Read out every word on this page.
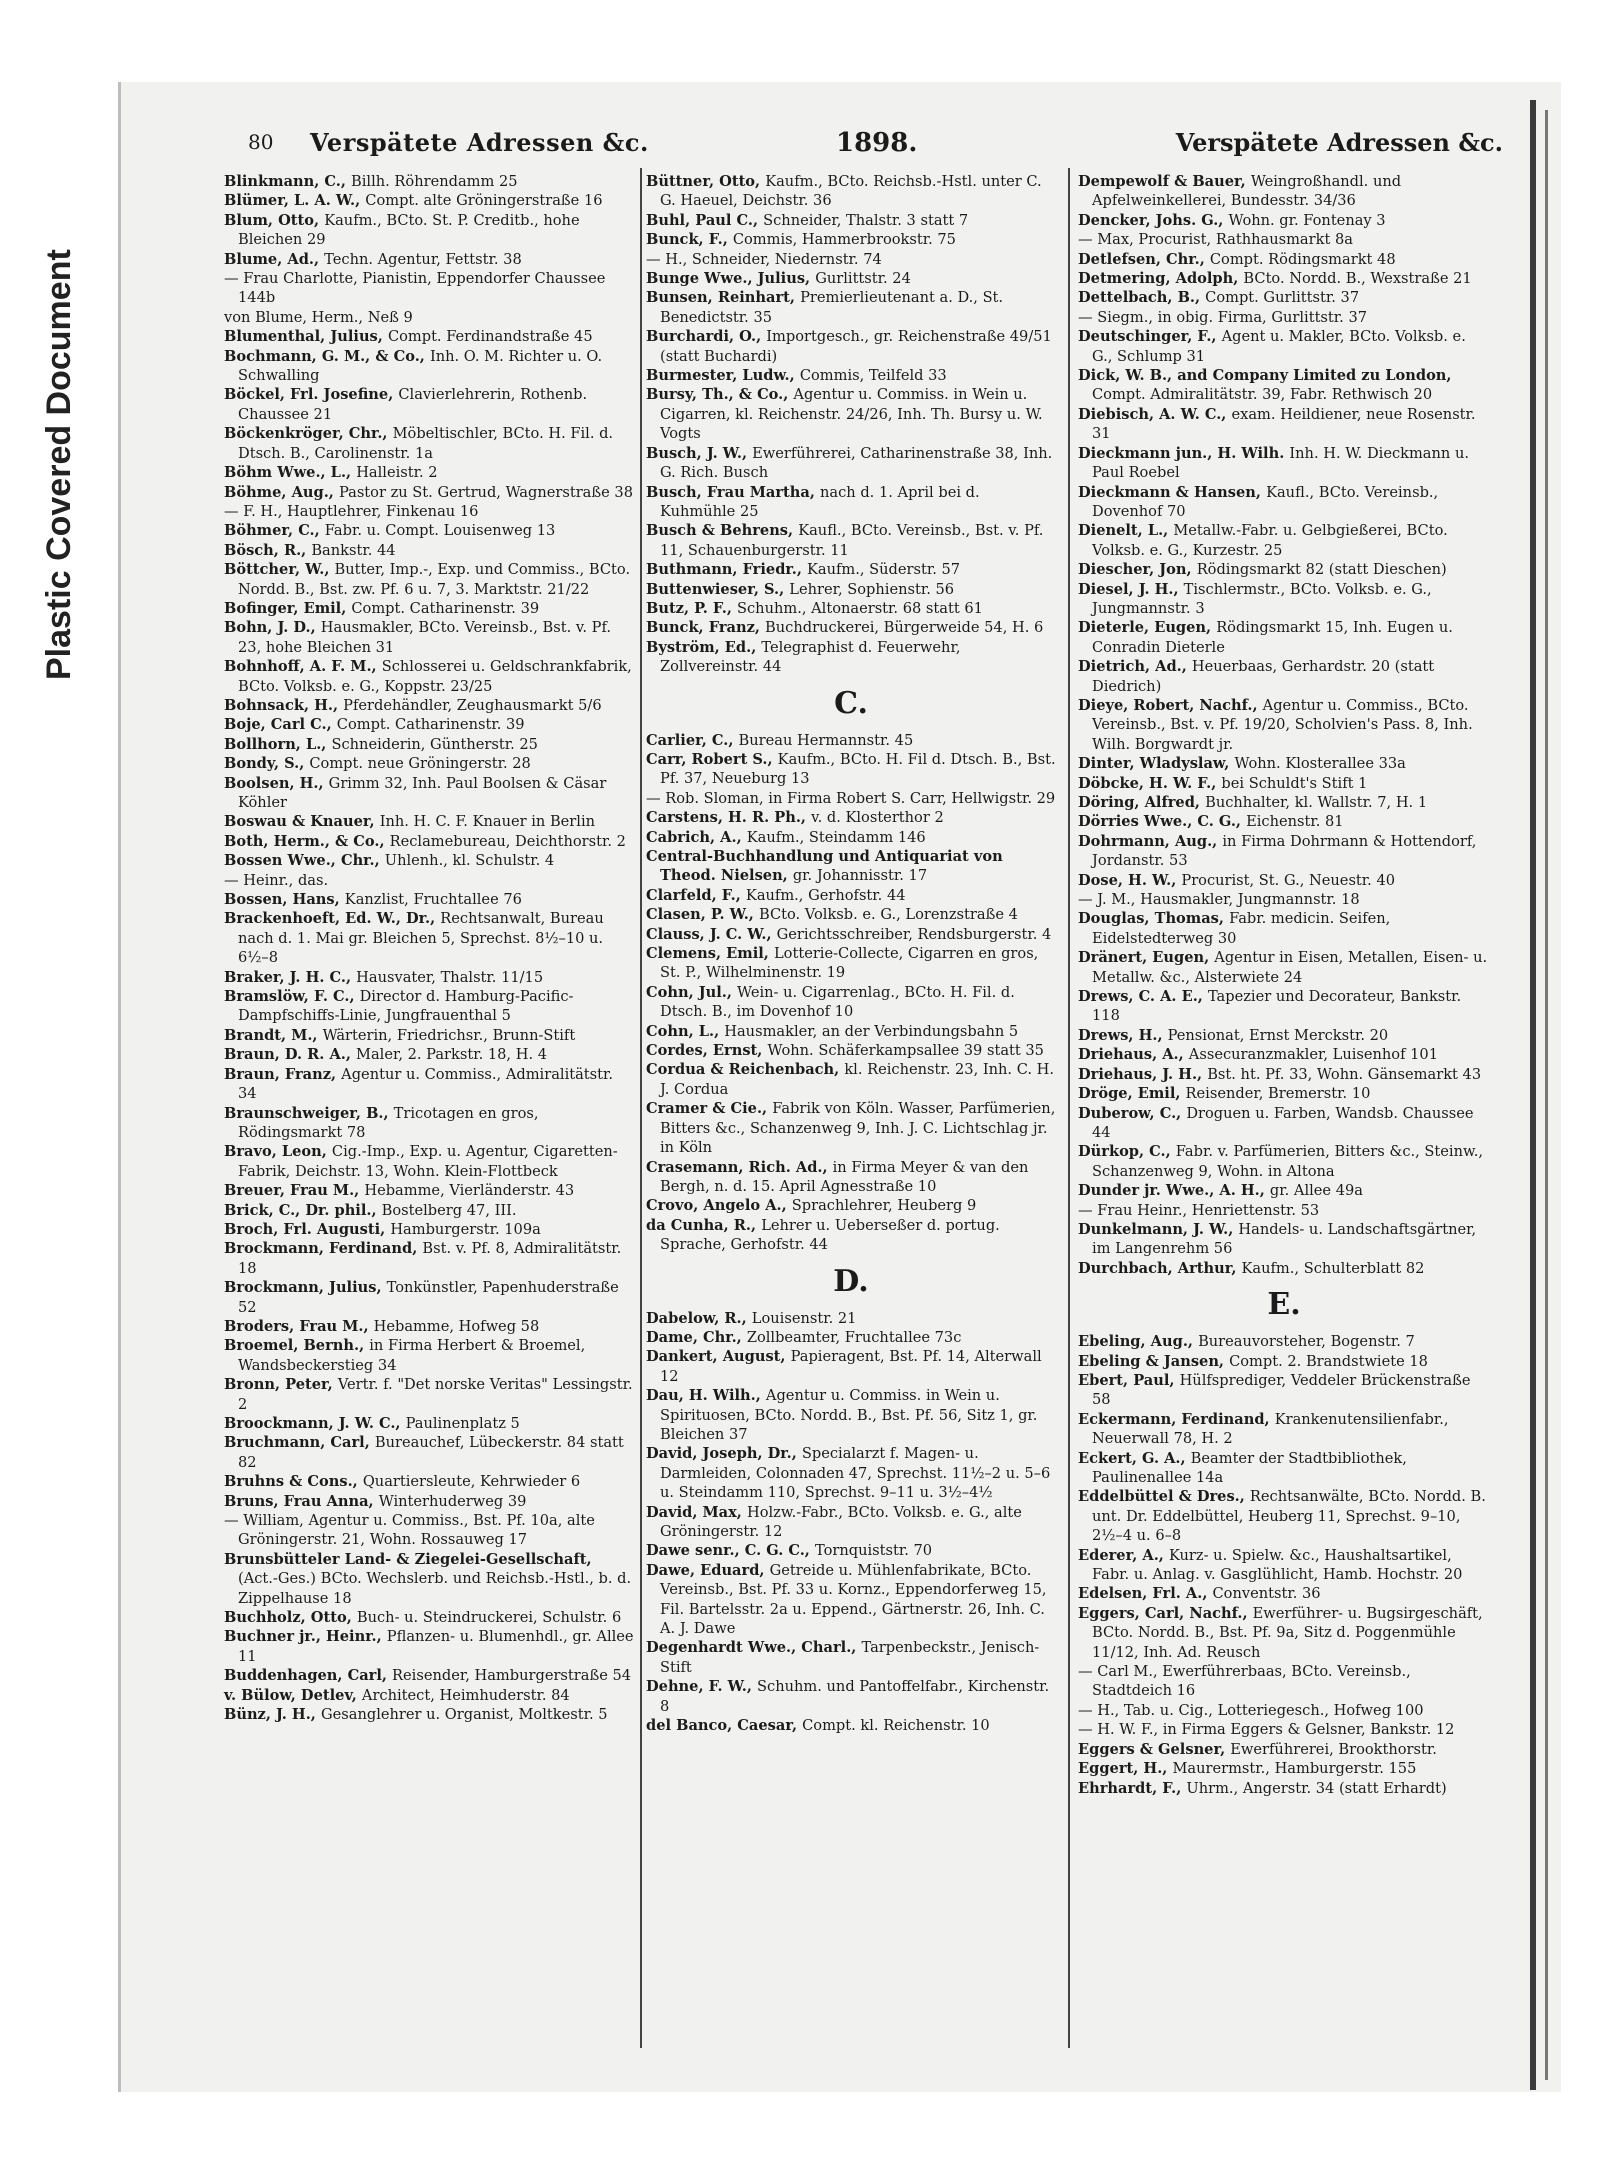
Plastic Covered Document
80 Verspätete Adressen &c.	1898.	Verspätete Adressen &c.
Blinkmann, C., Billh. Röhrendamm 25
Blümer, L. A. W., Compt. alte Gröningerstraße 16
Blum, Otto, Kaufm., BCto. St. P. Creditb., hohe Bleichen 29
Blume, Ad., Techn. Agentur, Fettstr. 38
— Frau Charlotte, Pianistin, Eppendorfer Chaussee 144b
von Blume, Herm., Neß 9
Blumenthal, Julius, Compt. Ferdinandstraße 45
Bochmann, G. M., & Co., Inh. O. M. Richter u. O. Schwalling
Böckel, Frl. Josefine, Clavierlehrerin, Rothenb. Chaussee 21
Böckenkröger, Chr., Möbeltischler, BCto. H. Fil. d. Dtsch. B., Carolinenstr. 1a
Böhm Wwe., L., Halleistr. 2
Böhme, Aug., Pastor zu St. Gertrud, Wagnerstraße 38
— F. H., Hauptlehrer, Finkenau 16
Böhmer, C., Fabr. u. Compt. Louisenweg 13
Bösch, R., Bankstr. 44
Böttcher, W., Butter, Imp.-, Exp. und Commiss., BCto. Nordd. B., Bst. zw. Pf. 6 u. 7, 3. Marktstr. 21/22
Bofinger, Emil, Compt. Catharinenstr. 39
Bohn, J. D., Hausmakler, BCto. Vereinsb., Bst. v. Pf. 23, hohe Bleichen 31
Bohnhoff, A. F. M., Schlosserei u. Geldschrankfabrik, BCto. Volksb. e. G., Koppstr. 23/25
Bohnsack, H., Pferdehändler, Zeughausmarkt 5/6
Boje, Carl C., Compt. Catharinenstr. 39
Bollhorn, L., Schneiderin, Güntherstr. 25
Bondy, S., Compt. neue Gröningerstr. 28
Boolsen, H., Grimm 32, Inh. Paul Boolsen & Cäsar Köhler
Boswau & Knauer, Inh. H. C. F. Knauer in Berlin
Both, Herm., & Co., Reclamebureau, Deichthorstr. 2
Bossen Wwe., Chr., Uhlenh., kl. Schulstr. 4
— Heinr., das.
Bossen, Hans, Kanzlist, Fruchtallee 76
Brackenhoeft, Ed. W., Dr., Rechtsanwalt, Bureau nach d. 1. Mai gr. Bleichen 5, Sprechst. 8½–10 u. 6½–8
Braker, J. H. C., Hausvater, Thalstr. 11/15
Bramslöw, F. C., Director d. Hamburg-Pacific-Dampfschiffs-Linie, Jungfrauenthal 5
Brandt, M., Wärterin, Friedrichsr., Brunn-Stift
Braun, D. R. A., Maler, 2. Parkstr. 18, H. 4
Braun, Franz, Agentur u. Commiss., Admiralitätstr. 34
Braunschweiger, B., Tricotagen en gros, Rödingsmarkt 78
Bravo, Leon, Cig.-Imp., Exp. u. Agentur, Cigaretten-Fabrik, Deichstr. 13, Wohn. Klein-Flottbeck
Breuer, Frau M., Hebamme, Vierländerstr. 43
Brick, C., Dr. phil., Bostelberg 47, III.
Broch, Frl. Augusti, Hamburgerstr. 109a
Brockmann, Ferdinand, Bst. v. Pf. 8, Admiralitätstr. 18
Brockmann, Julius, Tonkünstler, Papenhuderstraße 52
Broders, Frau M., Hebamme, Hofweg 58
Broemel, Bernh., in Firma Herbert & Broemel, Wandsbeckerstieg 34
Bronn, Peter, Vertr. f. "Det norske Veritas" Lessingstr. 2
Broockmann, J. W. C., Paulinenplatz 5
Bruchmann, Carl, Bureauchef, Lübeckerstr. 84 statt 82
Bruhns & Cons., Quartiersleute, Kehrwieder 6
Bruns, Frau Anna, Winterhuderweg 39
— William, Agentur u. Commiss., Bst. Pf. 10a, alte Gröningerstr. 21, Wohn. Rossauweg 17
Brunsbütteler Land- & Ziegelei-Gesellschaft, (Act.-Ges.) BCto. Wechslerb. und Reichsb.-Hstl., b. d. Zippelhause 18
Buchholz, Otto, Buch- u. Steindruckerei, Schulstr. 6
Buchner jr., Heinr., Pflanzen- u. Blumenhdl., gr. Allee 11
Buddenhagen, Carl, Reisender, Hamburgerstraße 54
v. Bülow, Detlev, Architect, Heimhuderstr. 84
Bünz, J. H., Gesanglehrer u. Organist, Moltkestr. 5
Büttner, Otto, Kaufm., BCto. Reichsb.-Hstl. unter C. G. Haeuel, Deichstr. 36
Buhl, Paul C., Schneider, Thalstr. 3 statt 7
Bunck, F., Commis, Hammerbrookstr. 75
— H., Schneider, Niedernstr. 74
Bunge Wwe., Julius, Gurlittstr. 24
Bunsen, Reinhart, Premierlieutenant a. D., St. Benedictstr. 35
Burchardi, O., Importgesch., gr. Reichenstraße 49/51 (statt Buchardi)
Burmester, Ludw., Commis, Teilfeld 33
Bursy, Th., & Co., Agentur u. Commiss. in Wein u. Cigarren, kl. Reichenstr. 24/26, Inh. Th. Bursy u. W. Vogts
Busch, J. W., Ewerführerei, Catharinenstraße 38, Inh. G. Rich. Busch
Busch, Frau Martha, nach d. 1. April bei d. Kuhmühle 25
Busch & Behrens, Kaufl., BCto. Vereinsb., Bst. v. Pf. 11, Schauenburgerstr. 11
Buthmann, Friedr., Kaufm., Süderstr. 57
Buttenwieser, S., Lehrer, Sophienstr. 56
Butz, P. F., Schuhm., Altonaerstr. 68 statt 61
Bunck, Franz, Buchdruckerei, Bürgerweide 54, H. 6
Byström, Ed., Telegraphist d. Feuerwehr, Zollvereinstr. 44
C.
Carlier, C., Bureau Hermannstr. 45
Carr, Robert S., Kaufm., BCto. H. Fil d. Dtsch. B., Bst. Pf. 37, Neueburg 13
— Rob. Sloman, in Firma Robert S. Carr, Hellwigstr. 29
Carstens, H. R. Ph., v. d. Klosterthor 2
Cabrich, A., Kaufm., Steindamm 146
Central-Buchhandlung und Antiquariat von Theod. Nielsen, gr. Johannisstr. 17
Clarfeld, F., Kaufm., Gerhofstr. 44
Clasen, P. W., BCto. Volksb. e. G., Lorenzstraße 4
Clauss, J. C. W., Gerichtsschreiber, Rendsburgerstr. 4
Clemens, Emil, Lotterie-Collecte, Cigarren en gros, St. P., Wilhelminenstr. 19
Cohn, Jul., Wein- u. Cigarrenlag., BCto. H. Fil. d. Dtsch. B., im Dovenhof 10
Cohn, L., Hausmakler, an der Verbindungsbahn 5
Cordes, Ernst, Wohn. Schäferkampsallee 39 statt 35
Cordua & Reichenbach, kl. Reichenstr. 23, Inh. C. H. J. Cordua
Cramer & Cie., Fabrik von Köln. Wasser, Parfümerien, Bitters &c., Schanzenweg 9, Inh. J. C. Lichtschlag jr. in Köln
Crasemann, Rich. Ad., in Firma Meyer & van den Bergh, n. d. 15. April Agnesstraße 10
Crovo, Angelo A., Sprachlehrer, Heuberg 9
da Cunha, R., Lehrer u. Ueberseßer d. portug. Sprache, Gerhofstr. 44
D.
Dabelow, R., Louisenstr. 21
Dame, Chr., Zollbeamter, Fruchtallee 73c
Dankert, August, Papieragent, Bst. Pf. 14, Alterwall 12
Dau, H. Wilh., Agentur u. Commiss. in Wein u. Spirituosen, BCto. Nordd. B., Bst. Pf. 56, Sitz 1, gr. Bleichen 37
David, Joseph, Dr., Specialarzt f. Magen- u. Darmleiden, Colonnaden 47, Sprechst. 11½–2 u. 5–6 u. Steindamm 110, Sprechst. 9–11 u. 3½–4½
David, Max, Holzw.-Fabr., BCto. Volksb. e. G., alte Gröningerstr. 12
Dawe senr., C. G. C., Tornquiststr. 70
Dawe, Eduard, Getreide u. Mühlenfabrikate, BCto. Vereinsb., Bst. Pf. 33 u. Kornz., Eppendorferweg 15, Fil. Bartelsstr. 2a u. Eppend., Gärtnerstr. 26, Inh. C. A. J. Dawe
Degenhardt Wwe., Charl., Tarpenbeckstr., Jenisch-Stift
Dehne, F. W., Schuhm. und Pantoffelfabr., Kirchenstr. 8
del Banco, Caesar, Compt. kl. Reichenstr. 10
Dempewolf & Bauer, Weingroßhandl. und Apfelweinkellerei, Bundesstr. 34/36
Dencker, Johs. G., Wohn. gr. Fontenay 3
— Max, Procurist, Rathhausmarkt 8a
Detlefsen, Chr., Compt. Rödingsmarkt 48
Detmering, Adolph, BCto. Nordd. B., Wexstraße 21
Dettelbach, B., Compt. Gurlittstr. 37
— Siegm., in obig. Firma, Gurlittstr. 37
Deutschinger, F., Agent u. Makler, BCto. Volksb. e. G., Schlump 31
Dick, W. B., and Company Limited zu London, Compt. Admiralitätstr. 39, Fabr. Rethwisch 20
Diebisch, A. W. C., exam. Heildiener, neue Rosenstr. 31
Dieckmann jun., H. Wilh. Inh. H. W. Dieckmann u. Paul Roebel
Dieckmann & Hansen, Kaufl., BCto. Vereinsb., Dovenhof 70
Dienelt, L., Metallw.-Fabr. u. Gelbgießerei, BCto. Volksb. e. G., Kurzestr. 25
Diescher, Jon, Rödingsmarkt 82 (statt Dieschen)
Diesel, J. H., Tischlermstr., BCto. Volksb. e. G., Jungmannstr. 3
Dieterle, Eugen, Rödingsmarkt 15, Inh. Eugen u. Conradin Dieterle
Dietrich, Ad., Heuerbaas, Gerhardstr. 20 (statt Diedrich)
Dieye, Robert, Nachf., Agentur u. Commiss., BCto. Vereinsb., Bst. v. Pf. 19/20, Scholvien's Pass. 8, Inh. Wilh. Borgwardt jr.
Dinter, Wladyslaw, Wohn. Klosterallee 33a
Döbcke, H. W. F., bei Schuldt's Stift 1
Döring, Alfred, Buchhalter, kl. Wallstr. 7, H. 1
Dörries Wwe., C. G., Eichenstr. 81
Dohrmann, Aug., in Firma Dohrmann & Hottendorf, Jordanstr. 53
Dose, H. W., Procurist, St. G., Neuestr. 40
— J. M., Hausmakler, Jungmannstr. 18
Douglas, Thomas, Fabr. medicin. Seifen, Eidelstedterweg 30
Dränert, Eugen, Agentur in Eisen, Metallen, Eisen- u. Metallw. &c., Alsterwiete 24
Drews, C. A. E., Tapezier und Decorateur, Bankstr. 118
Drews, H., Pensionat, Ernst Merckstr. 20
Driehaus, A., Assecuranzmakler, Luisenhof 101
Driehaus, J. H., Bst. ht. Pf. 33, Wohn. Gänsemarkt 43
Dröge, Emil, Reisender, Bremerstr. 10
Duberow, C., Droguen u. Farben, Wandsb. Chaussee 44
Dürkop, C., Fabr. v. Parfümerien, Bitters &c., Steinw., Schanzenweg 9, Wohn. in Altona
Dunder jr. Wwe., A. H., gr. Allee 49a
— Frau Heinr., Henriettenstr. 53
Dunkelmann, J. W., Handels- u. Landschaftsgärtner, im Langenrehm 56
Durchbach, Arthur, Kaufm., Schulterblatt 82
E.
Ebeling, Aug., Bureauvorsteher, Bogenstr. 7
Ebeling & Jansen, Compt. 2. Brandstwiete 18
Ebert, Paul, Hülfsprediger, Veddeler Brückenstraße 58
Eckermann, Ferdinand, Krankenutensilienfabr., Neuerwall 78, H. 2
Eckert, G. A., Beamter der Stadtbibliothek, Paulinenallee 14a
Eddelbüttel & Dres., Rechtsanwälte, BCto. Nordd. B. unt. Dr. Eddelbüttel, Heuberg 11, Sprechst. 9–10, 2½–4 u. 6–8
Ederer, A., Kurz- u. Spielw. &c., Haushaltsartikel, Fabr. u. Anlag. v. Gasglühlicht, Hamb. Hochstr. 20
Edelsen, Frl. A., Conventstr. 36
Eggers, Carl, Nachf., Ewerführer- u. Bugsirgeschäft, BCto. Nordd. B., Bst. Pf. 9a, Sitz d. Poggenmühle 11/12, Inh. Ad. Reusch
— Carl M., Ewerführerbaas, BCto. Vereinsb., Stadtdeich 16
— H., Tab. u. Cig., Lotteriegesch., Hofweg 100
— H. W. F., in Firma Eggers & Gelsner, Bankstr. 12
Eggers & Gelsner, Ewerführerei, Brookthorstr.
Eggert, H., Maurermstr., Hamburgerstr. 155
Ehrhardt, F., Uhrm., Angerstr. 34 (statt Erhardt)
